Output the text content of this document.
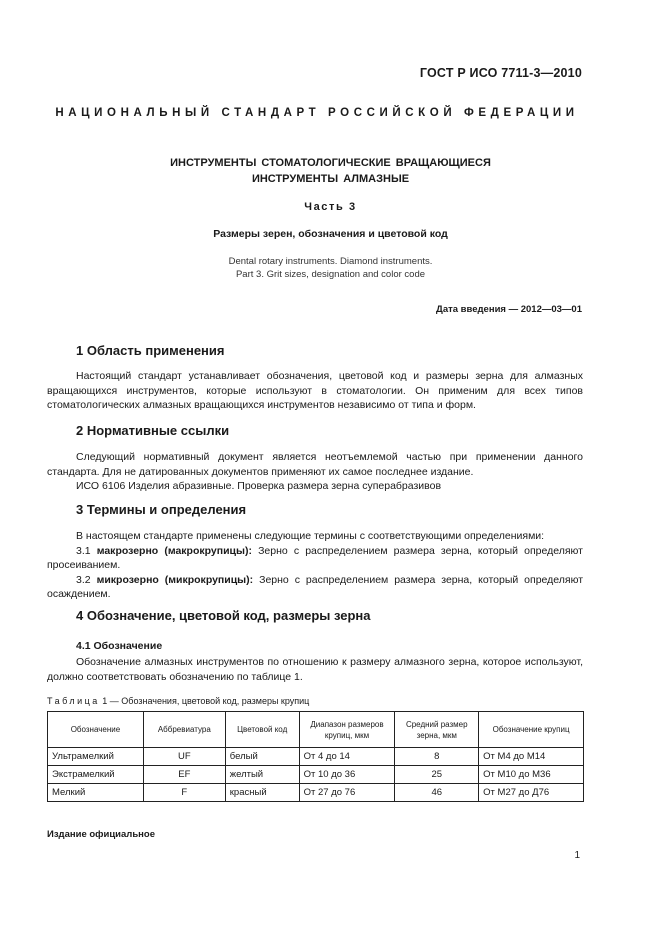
ГОСТ Р ИСО 7711-3—2010
НАЦИОНАЛЬНЫЙ СТАНДАРТ РОССИЙСКОЙ ФЕДЕРАЦИИ
ИНСТРУМЕНТЫ СТОМАТОЛОГИЧЕСКИЕ ВРАЩАЮЩИЕСЯ
ИНСТРУМЕНТЫ АЛМАЗНЫЕ
Часть 3
Размеры зерен, обозначения и цветовой код
Dental rotary instruments. Diamond instruments.
Part 3. Grit sizes, designation and color code
Дата введения — 2012—03—01
1 Область применения

Настоящий стандарт устанавливает обозначения, цветовой код и размеры зерна для алмазных вращающихся инструментов, которые используют в стоматологии. Он применим для всех типов стоматологических алмазных вращающихся инструментов независимо от типа и форм.

2 Нормативные ссылки

Следующий нормативный документ является неотъемлемой частью при применении данного стандарта. Для не датированных документов применяют их самое последнее издание.

ИСО 6106 Изделия абразивные. Проверка размера зерна суперабразивов

3 Термины и определения

В настоящем стандарте применены следующие термины с соответствующими определениями:

3.1 макрозерно (макрокрупицы): Зерно с распределением размера зерна, который определяют просеиванием.

3.2 микрозерно (микрокрупицы): Зерно с распределением размера зерна, который определяют осаждением.

4 Обозначение, цветовой код, размеры зерна
4.1 Обозначение

Обозначение алмазных инструментов по отношению к размеру алмазного зерна, которое используют, должно соответствовать обозначению по таблице 1.

Таблица 1 — Обозначения, цветовой код, размеры крупиц
Обозначение	Аббревиатура	Цветовой код	Диапазон размеров крупиц, мкм	Средний размер зерна, мкм	Обозначение крупиц
Ультрамелкий	UF	белый	От 4 до 14	8	От М4 до М14
Экстрамелкий	EF	желтый	От 10 до 36	25	От М10 до М36
Мелкий	F	красный	От 27 до 76	46	От М27 до Д76
Издание официальное
1
